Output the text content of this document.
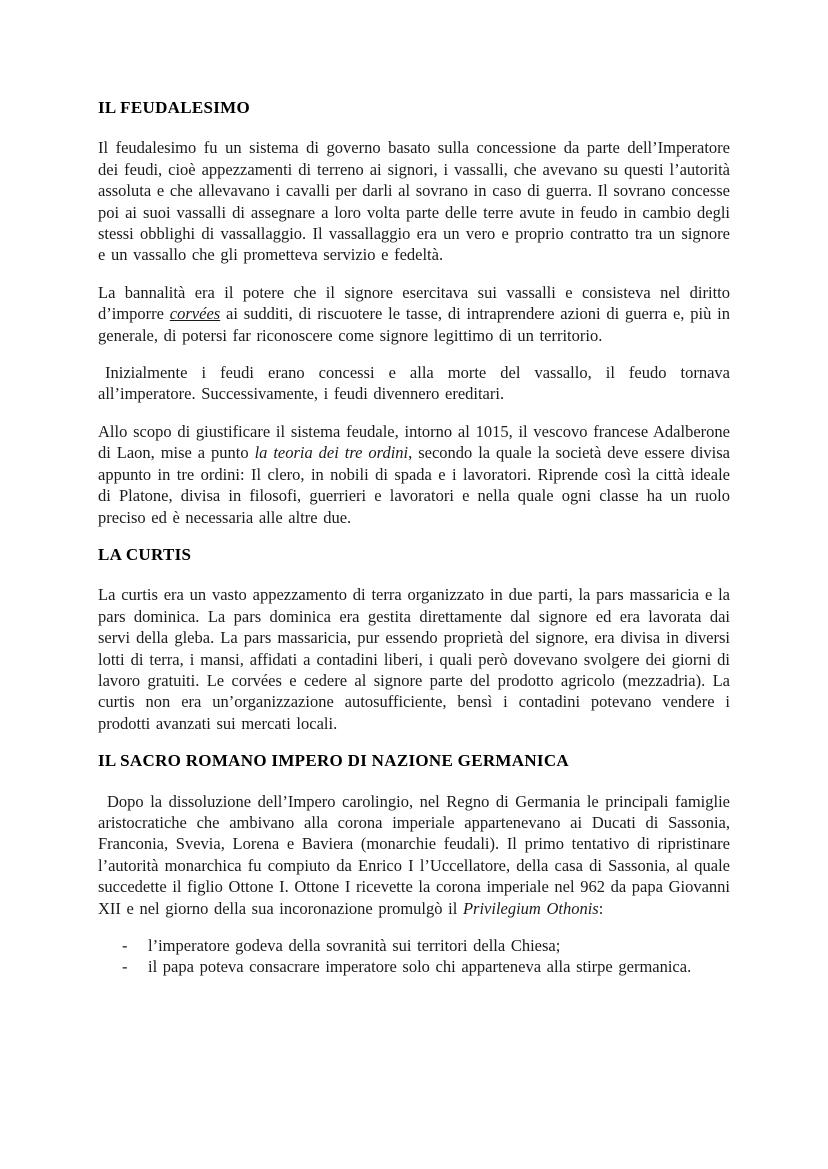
IL FEUDALESIMO

Il feudalesimo fu un sistema di governo basato sulla concessione da parte dell’Imperatore dei feudi, cioè appezzamenti di terreno ai signori, i vassalli, che avevano su questi l’autorità assoluta e che allevavano i cavalli per darli al sovrano in caso di guerra. Il sovrano concesse poi ai suoi vassalli di assegnare a loro volta parte delle terre avute in feudo in cambio degli stessi obblighi di vassallaggio. Il vassallaggio era un vero e proprio contratto tra un signore e un vassallo che gli prometteva servizio e fedeltà.

La bannalità era il potere che il signore esercitava sui vassalli e consisteva nel diritto d’imporre corvées ai sudditi, di riscuotere le tasse, di intraprendere azioni di guerra e, più in generale, di potersi far riconoscere come signore legittimo di un territorio.

Inizialmente i feudi erano concessi e alla morte del vassallo, il feudo tornava all’imperatore. Successivamente, i feudi divennero ereditari.

Allo scopo di giustificare il sistema feudale, intorno al 1015, il vescovo francese Adalberone di Laon, mise a punto la teoria dei tre ordini, secondo la quale la società deve essere divisa appunto in tre ordini: Il clero, in nobili di spada e i lavoratori. Riprende così la città ideale di Platone, divisa in filosofi, guerrieri e lavoratori e nella quale ogni classe ha un ruolo preciso ed è necessaria alle altre due.

LA CURTIS

La curtis era un vasto appezzamento di terra organizzato in due parti, la pars massaricia e la pars dominica. La pars dominica era gestita direttamente dal signore ed era lavorata dai servi della gleba. La pars massaricia, pur essendo proprietà del signore, era divisa in diversi lotti di terra, i mansi, affidati a contadini liberi, i quali però dovevano svolgere dei giorni di lavoro gratuiti. Le corvées e cedere al signore parte del prodotto agricolo (mezzadria). La curtis non era un’organizzazione autosufficiente, bensì i contadini potevano vendere i prodotti avanzati sui mercati locali.

IL SACRO ROMANO IMPERO DI NAZIONE GERMANICA

Dopo la dissoluzione dell’Impero carolingio, nel Regno di Germania le principali famiglie aristocratiche che ambivano alla corona imperiale appartenevano ai Ducati di Sassonia, Franconia, Svevia, Lorena e Baviera (monarchie feudali). Il primo tentativo di ripristinare l’autorità monarchica fu compiuto da Enrico I l’Uccellatore, della casa di Sassonia, al quale succedette il figlio Ottone I. Ottone I ricevette la corona imperiale nel 962 da papa Giovanni XII e nel giorno della sua incoronazione promulgò il Privilegium Othonis:

-	l’imperatore godeva della sovranità sui territori della Chiesa;
-	il papa poteva consacrare imperatore solo chi apparteneva alla stirpe germanica.
